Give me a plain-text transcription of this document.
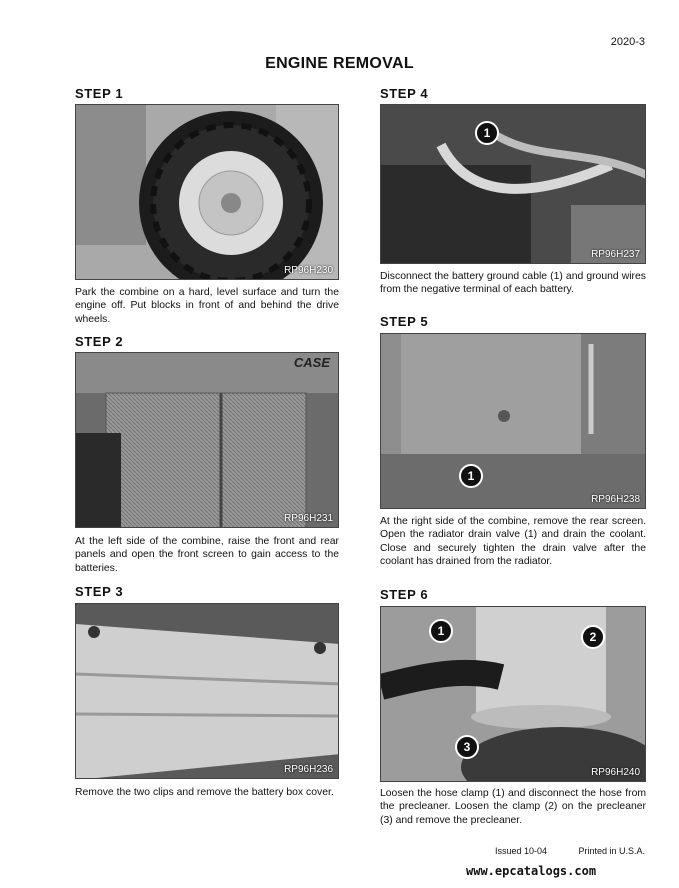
2020-3
ENGINE REMOVAL
STEP 1
RP96H230
Park the combine on a hard, level surface and turn the engine off. Put blocks in front of and behind the drive wheels.
STEP 2
CASE
RP96H231
At the left side of the combine, raise the front and rear panels and open the front screen to gain access to the batteries.
STEP 3
RP96H236
Remove the two clips and remove the battery box cover.
STEP 4
1
RP96H237
Disconnect the battery ground cable (1) and ground wires from the negative terminal of each battery.
STEP 5
1
RP96H238
At the right side of the combine, remove the rear screen. Open the radiator drain valve (1) and drain the coolant. Close and securely tighten the drain valve after the coolant has drained from the radiator.
STEP 6
1	2
3
RP96H240
Loosen the hose clamp (1) and disconnect the hose from the precleaner. Loosen the clamp (2) on the precleaner (3) and remove the precleaner.
Issued 10-04	Printed in U.S.A.
www.epcatalogs.com
